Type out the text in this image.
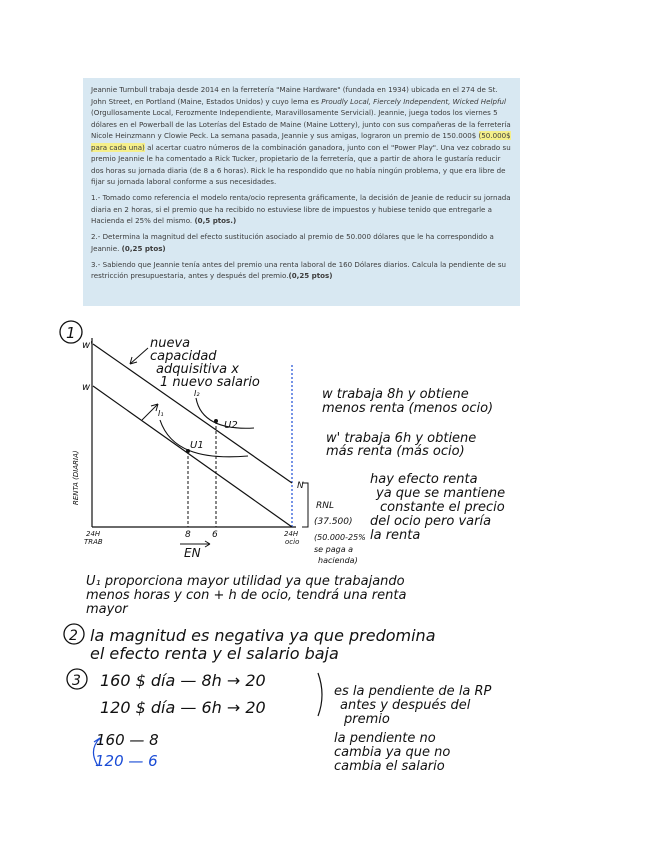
Jeannie Turnbull trabaja desde 2014 en la ferretería "Maine Hardware" (fundada en 1934) ubicada en el 274 de St. John Street, en Portland (Maine, Estados Unidos) y cuyo lema es Proudly Local, Fiercely Independent, Wicked Helpful (Orgullosamente Local, Ferozmente Independiente, Maravillosamente Servicial). Jeannie, juega todos los viernes 5 dólares en el Powerball de las Loterías del Estado de Maine (Maine Lottery), junto con sus compañeras de la ferretería Nicole Heinzmann y Clowie Peck. La semana pasada, Jeannie y sus amigas, lograron un premio de 150.000$ (50.000$ para cada una) al acertar cuatro números de la combinación ganadora, junto con el "Power Play". Una vez cobrado su premio Jeannie le ha comentado a Rick Tucker, propietario de la ferretería, que a partir de ahora le gustaría reducir dos horas su jornada diaria (de 8 a 6 horas). Rick le ha respondido que no había ningún problema, y que era libre de fijar su jornada laboral conforme a sus necesidades.

1.- Tomado como referencia el modelo renta/ocio representa gráficamente, la decisión de Jeanie de reducir su jornada diaria en 2 horas, si el premio que ha recibido no estuviese libre de impuestos y hubiese tenido que entregarle a Hacienda el 25% del mismo. (0,5 ptos.)

2.- Determina la magnitud del efecto sustitución asociado al premio de 50.000 dólares que le ha correspondido a Jeannie. (0,25 ptos)

3.- Sabiendo que Jeannie tenía antes del premio una renta laboral de 160 Dólares diarios. Calcula la pendiente de su restricción presupuestaria, antes y después del premio.(0,25 ptos)

1
w'
w
N
I₁
I₂
U1
U2
RENTA (DIARIA)
24H
TRAB
8 6	24H
ocio
EN
RNL
(37.500)
(50.000-25%
se paga a
hacienda)
nueva
capacidad
adquisitiva x
1 nuevo salario
w trabaja 8h y obtiene
menos renta (menos ocio)
w' trabaja 6h y obtiene
más renta (más ocio)
hay efecto renta
ya que se mantiene
constante el precio
del ocio pero varía
la renta
U₁ proporciona mayor utilidad ya que trabajando
menos horas y con + h de ocio, tendrá una renta
mayor
2 la magnitud es negativa ya que predomina
el efecto renta y el salario baja
3 160 $ día — 8h → 20
120 $ día — 6h → 20
es la pendiente de la RP
antes y después del
premio
la pendiente no
cambia ya que no
cambia el salario
160 — 8
120 — 6
